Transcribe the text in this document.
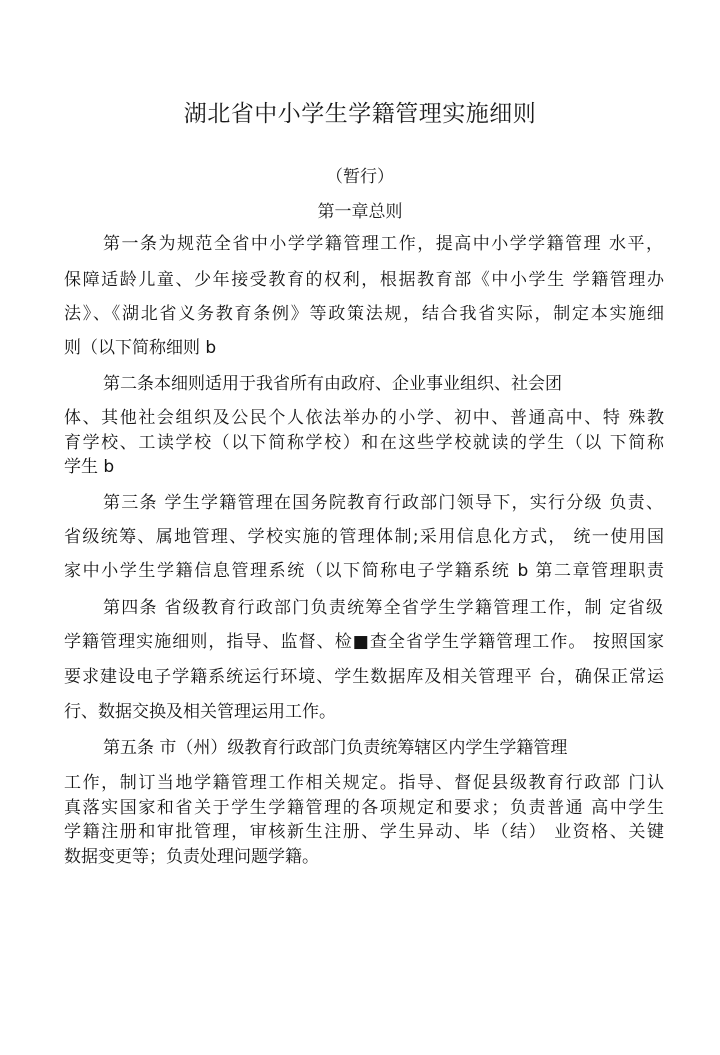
湖北省中小学生学籍管理实施细则
（暂行）
第一章总则
第一条为规范全省中小学学籍管理工作，提高中小学学籍管理 水平，
保障适龄儿童、少年接受教育的权利，根据教育部《中小学生 学籍管理办
法》、《湖北省义务教育条例》等政策法规，结合我省实际，制定本实施细
则（以下简称细则 b
第二条本细则适用于我省所有由政府、企业事业组织、社会团
体、其他社会组织及公民个人依法举办的小学、初中、普通高中、特 殊教
育学校、工读学校（以下简称学校）和在这些学校就读的学生（以 下简称
学生 b
第三条 学生学籍管理在国务院教育行政部门领导下，实行分级 负责、
省级统筹、属地管理、学校实施的管理体制;采用信息化方式， 统一使用国
家中小学生学籍信息管理系统（以下简称电子学籍系统 b 第二章管理职责
第四条 省级教育行政部门负责统筹全省学生学籍管理工作，制 定省级
学籍管理实施细则，指导、监督、检■查全省学生学籍管理工作。 按照国家
要求建设电子学籍系统运行环境、学生数据库及相关管理平 台，确保正常运
行、数据交换及相关管理运用工作。
第五条 市（州）级教育行政部门负责统筹辖区内学生学籍管理
工作，制订当地学籍管理工作相关规定。指导、督促县级教育行政部 门认
真落实国家和省关于学生学籍管理的各项规定和要求；负责普通 高中学生
学籍注册和审批管理，审核新生注册、学生异动、毕（结） 业资格、关键
数据变更等；负责处理问题学籍。
